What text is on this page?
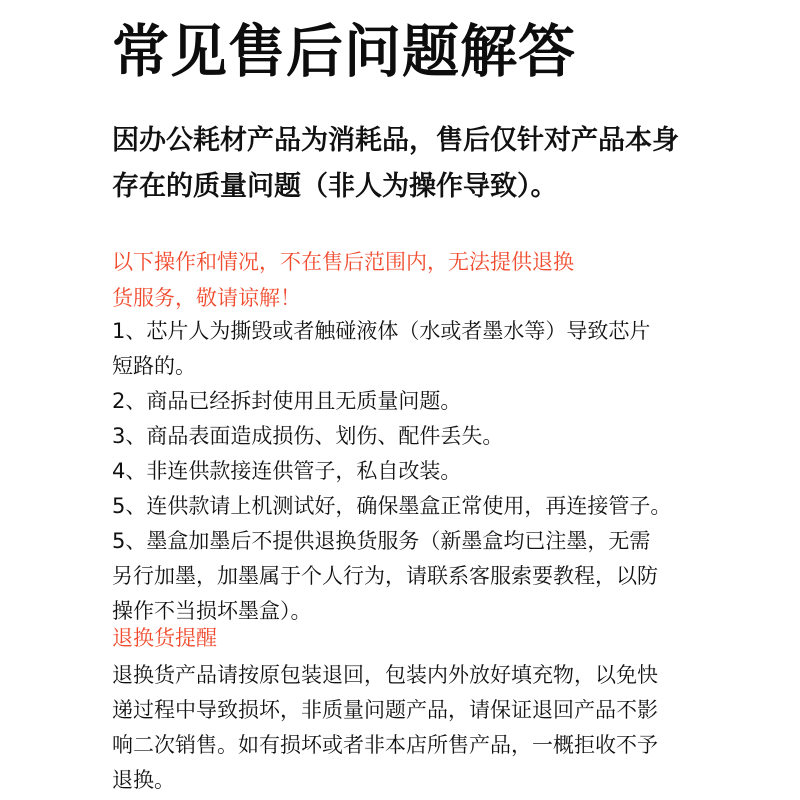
常见售后问题解答
因办公耗材产品为消耗品，售后仅针对产品本身
存在的质量问题（非人为操作导致）。
以下操作和情况，不在售后范围内，无法提供退换
货服务，敬请谅解！
1、芯片人为撕毁或者触碰液体（水或者墨水等）导致芯片
短路的。
2、商品已经拆封使用且无质量问题。
3、商品表面造成损伤、划伤、配件丢失。
4、非连供款接连供管子，私自改装。
5、连供款请上机测试好，确保墨盒正常使用，再连接管子。
5、墨盒加墨后不提供退换货服务（新墨盒均已注墨，无需
另行加墨，加墨属于个人行为，请联系客服索要教程，以防
操作不当损坏墨盒）。
退换货提醒
退换货产品请按原包装退回，包装内外放好填充物，以免快
递过程中导致损坏，非质量问题产品，请保证退回产品不影
响二次销售。如有损坏或者非本店所售产品，一概拒收不予
退换。
